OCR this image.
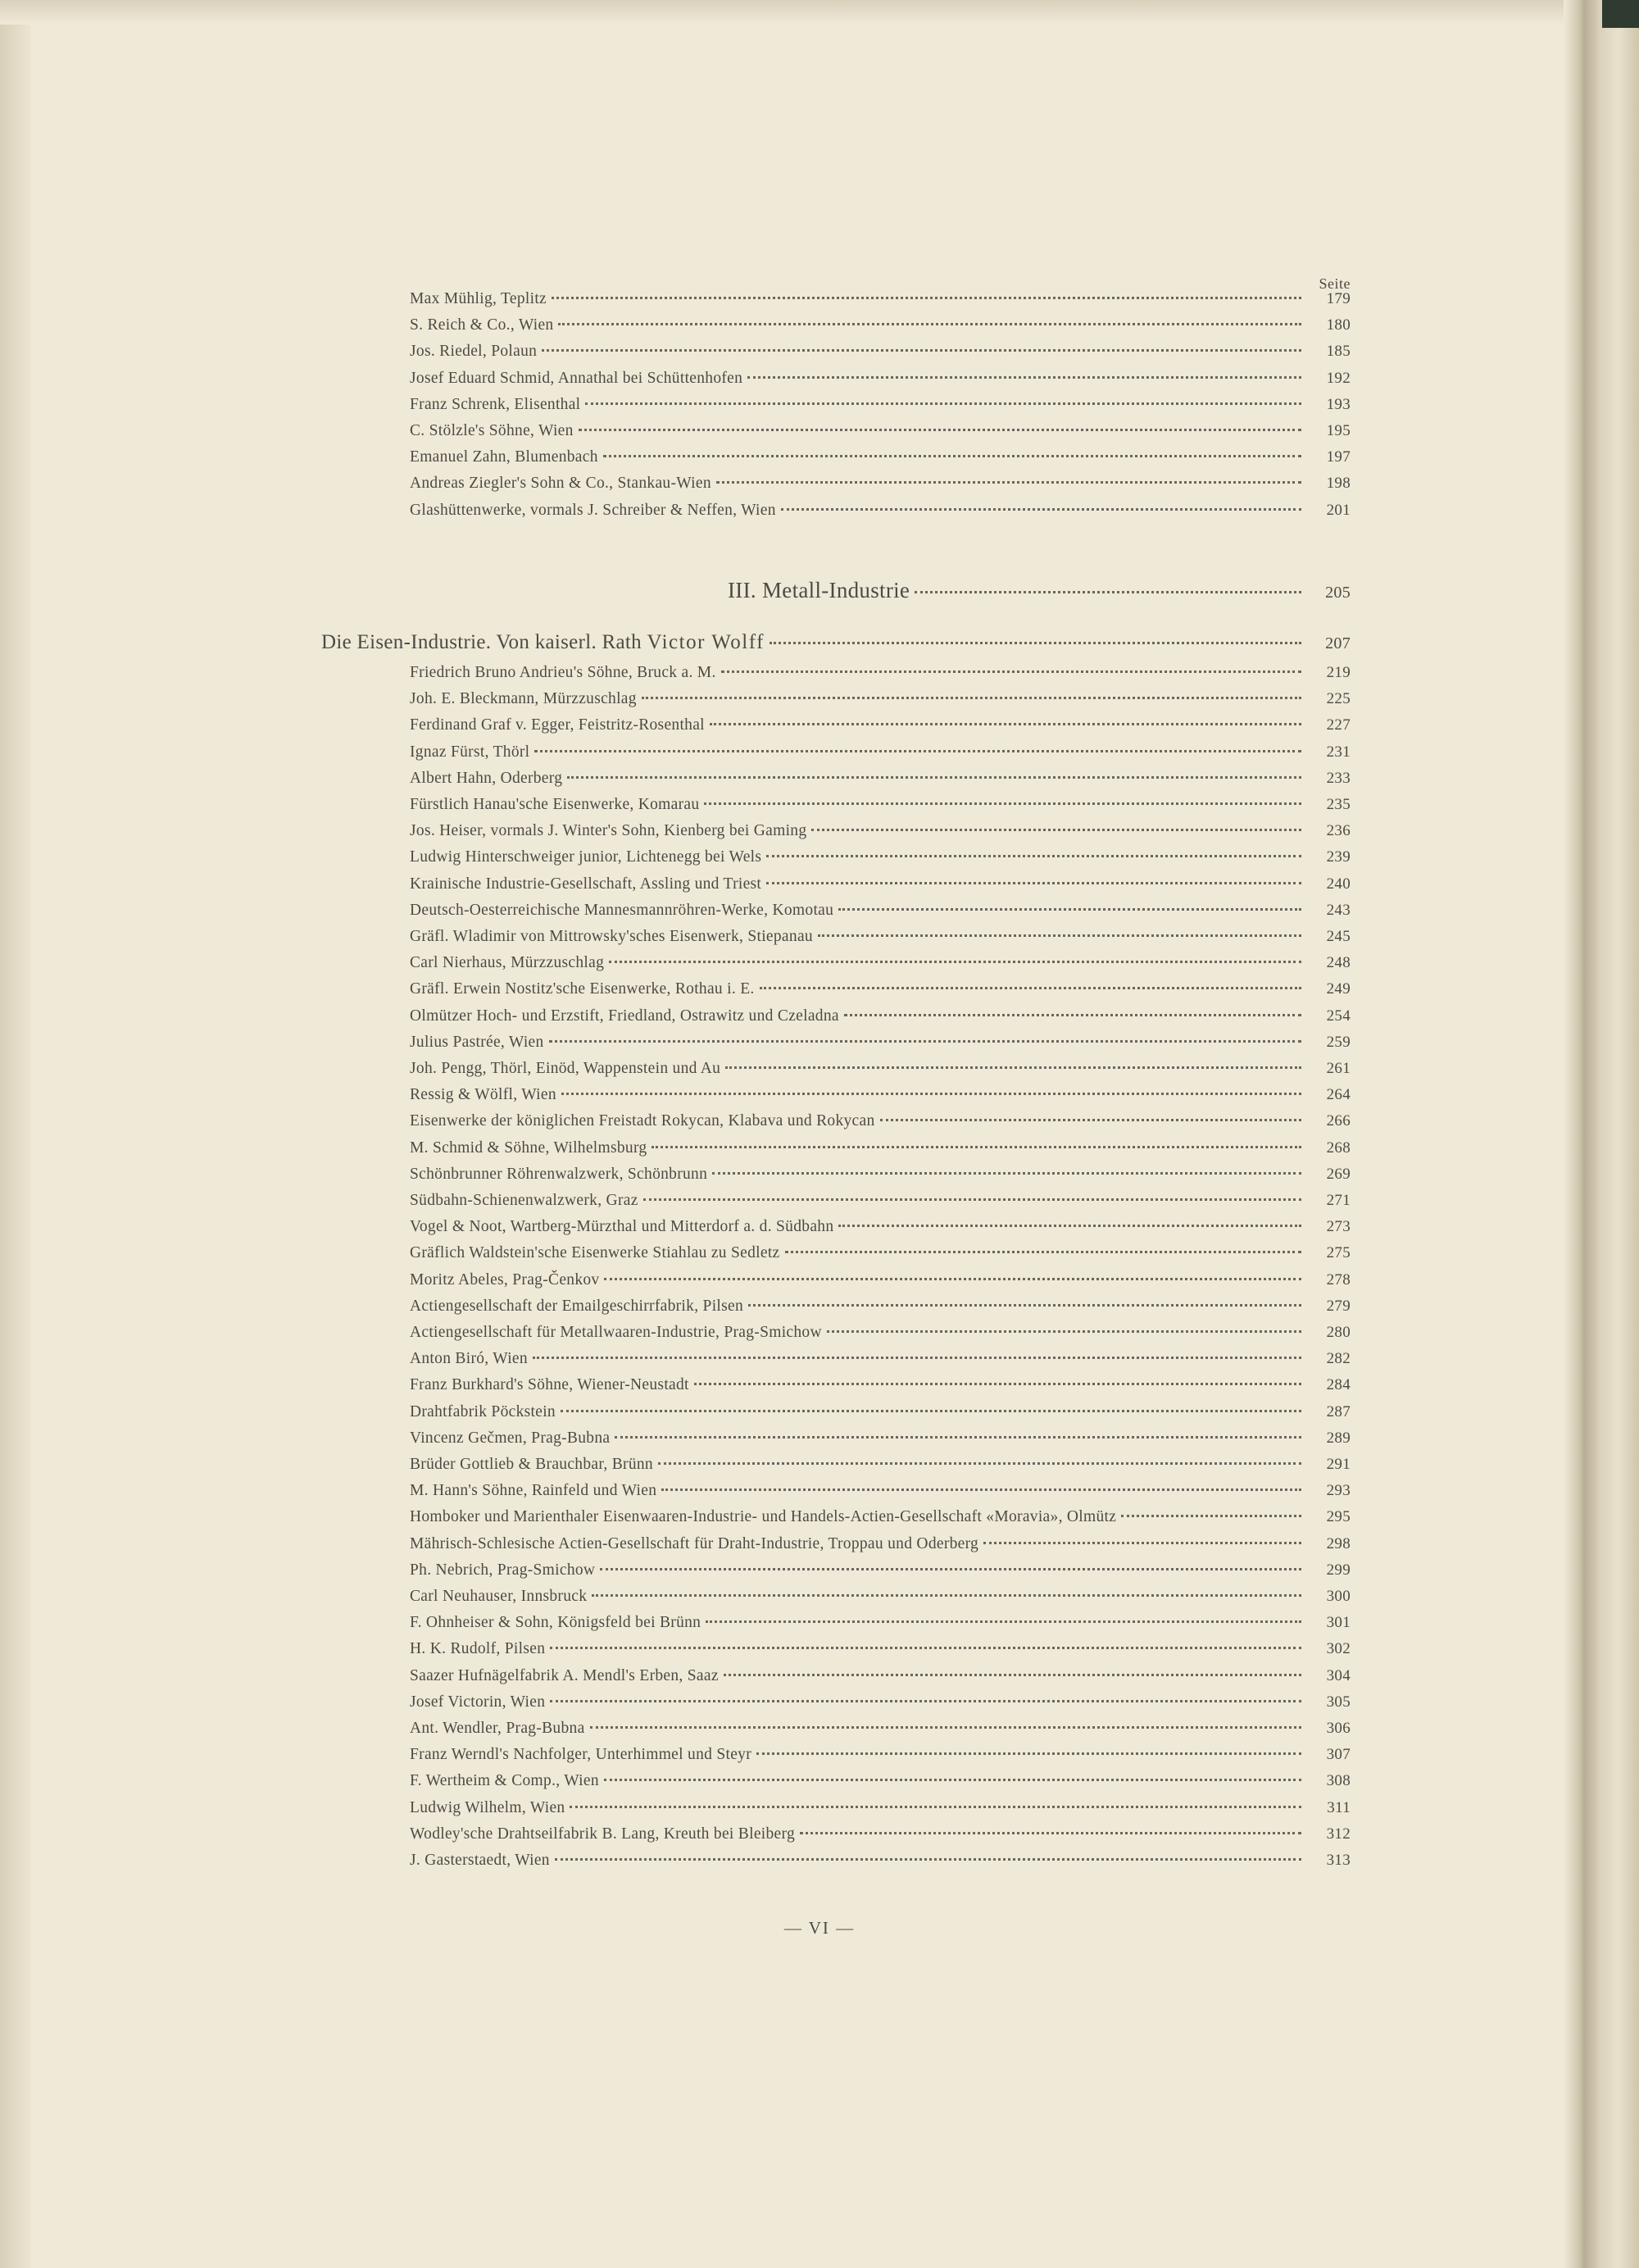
Seite
Max Mühlig, Teplitz	179
S. Reich & Co., Wien	180
Jos. Riedel, Polaun	185
Josef Eduard Schmid, Annathal bei Schüttenhofen	192
Franz Schrenk, Elisenthal	193
C. Stölzle's Söhne, Wien	195
Emanuel Zahn, Blumenbach	197
Andreas Ziegler's Sohn & Co., Stankau-Wien	198
Glashüttenwerke, vormals J. Schreiber & Neffen, Wien	201
III. Metall-Industrie	205
Die Eisen-Industrie. Von kaiserl. Rath Victor Wolff	207
Friedrich Bruno Andrieu's Söhne, Bruck a. M.	219
Joh. E. Bleckmann, Mürzzuschlag	225
Ferdinand Graf v. Egger, Feistritz-Rosenthal	227
Ignaz Fürst, Thörl	231
Albert Hahn, Oderberg	233
Fürstlich Hanau'sche Eisenwerke, Komarau	235
Jos. Heiser, vormals J. Winter's Sohn, Kienberg bei Gaming	236
Ludwig Hinterschweiger junior, Lichtenegg bei Wels	239
Krainische Industrie-Gesellschaft, Assling und Triest	240
Deutsch-Oesterreichische Mannesmannröhren-Werke, Komotau	243
Gräfl. Wladimir von Mittrowsky'sches Eisenwerk, Stiepanau	245
Carl Nierhaus, Mürzzuschlag	248
Gräfl. Erwein Nostitz'sche Eisenwerke, Rothau i. E.	249
Olmützer Hoch- und Erzstift, Friedland, Ostrawitz und Czeladna	254
Julius Pastrée, Wien	259
Joh. Pengg, Thörl, Einöd, Wappenstein und Au	261
Ressig & Wölfl, Wien	264
Eisenwerke der königlichen Freistadt Rokycan, Klabava und Rokycan	266
M. Schmid & Söhne, Wilhelmsburg	268
Schönbrunner Röhrenwalzwerk, Schönbrunn	269
Südbahn-Schienenwalzwerk, Graz	271
Vogel & Noot, Wartberg-Mürzthal und Mitterdorf a. d. Südbahn	273
Gräflich Waldstein'sche Eisenwerke Stiahlau zu Sedletz	275
Moritz Abeles, Prag-Čenkov	278
Actiengesellschaft der Emailgeschirrfabrik, Pilsen	279
Actiengesellschaft für Metallwaaren-Industrie, Prag-Smichow	280
Anton Biró, Wien	282
Franz Burkhard's Söhne, Wiener-Neustadt	284
Drahtfabrik Pöckstein	287
Vincenz Gečmen, Prag-Bubna	289
Brüder Gottlieb & Brauchbar, Brünn	291
M. Hann's Söhne, Rainfeld und Wien	293
Homboker und Marienthaler Eisenwaaren-Industrie- und Handels-Actien-Gesellschaft «Moravia», Olmütz	295
Mährisch-Schlesische Actien-Gesellschaft für Draht-Industrie, Troppau und Oderberg	298
Ph. Nebrich, Prag-Smichow	299
Carl Neuhauser, Innsbruck	300
F. Ohnheiser & Sohn, Königsfeld bei Brünn	301
H. K. Rudolf, Pilsen	302
Saazer Hufnägelfabrik A. Mendl's Erben, Saaz	304
Josef Victorin, Wien	305
Ant. Wendler, Prag-Bubna	306
Franz Werndl's Nachfolger, Unterhimmel und Steyr	307
F. Wertheim & Comp., Wien	308
Ludwig Wilhelm, Wien	311
Wodley'sche Drahtseilfabrik B. Lang, Kreuth bei Bleiberg	312
J. Gasterstaedt, Wien	313
— VI —
